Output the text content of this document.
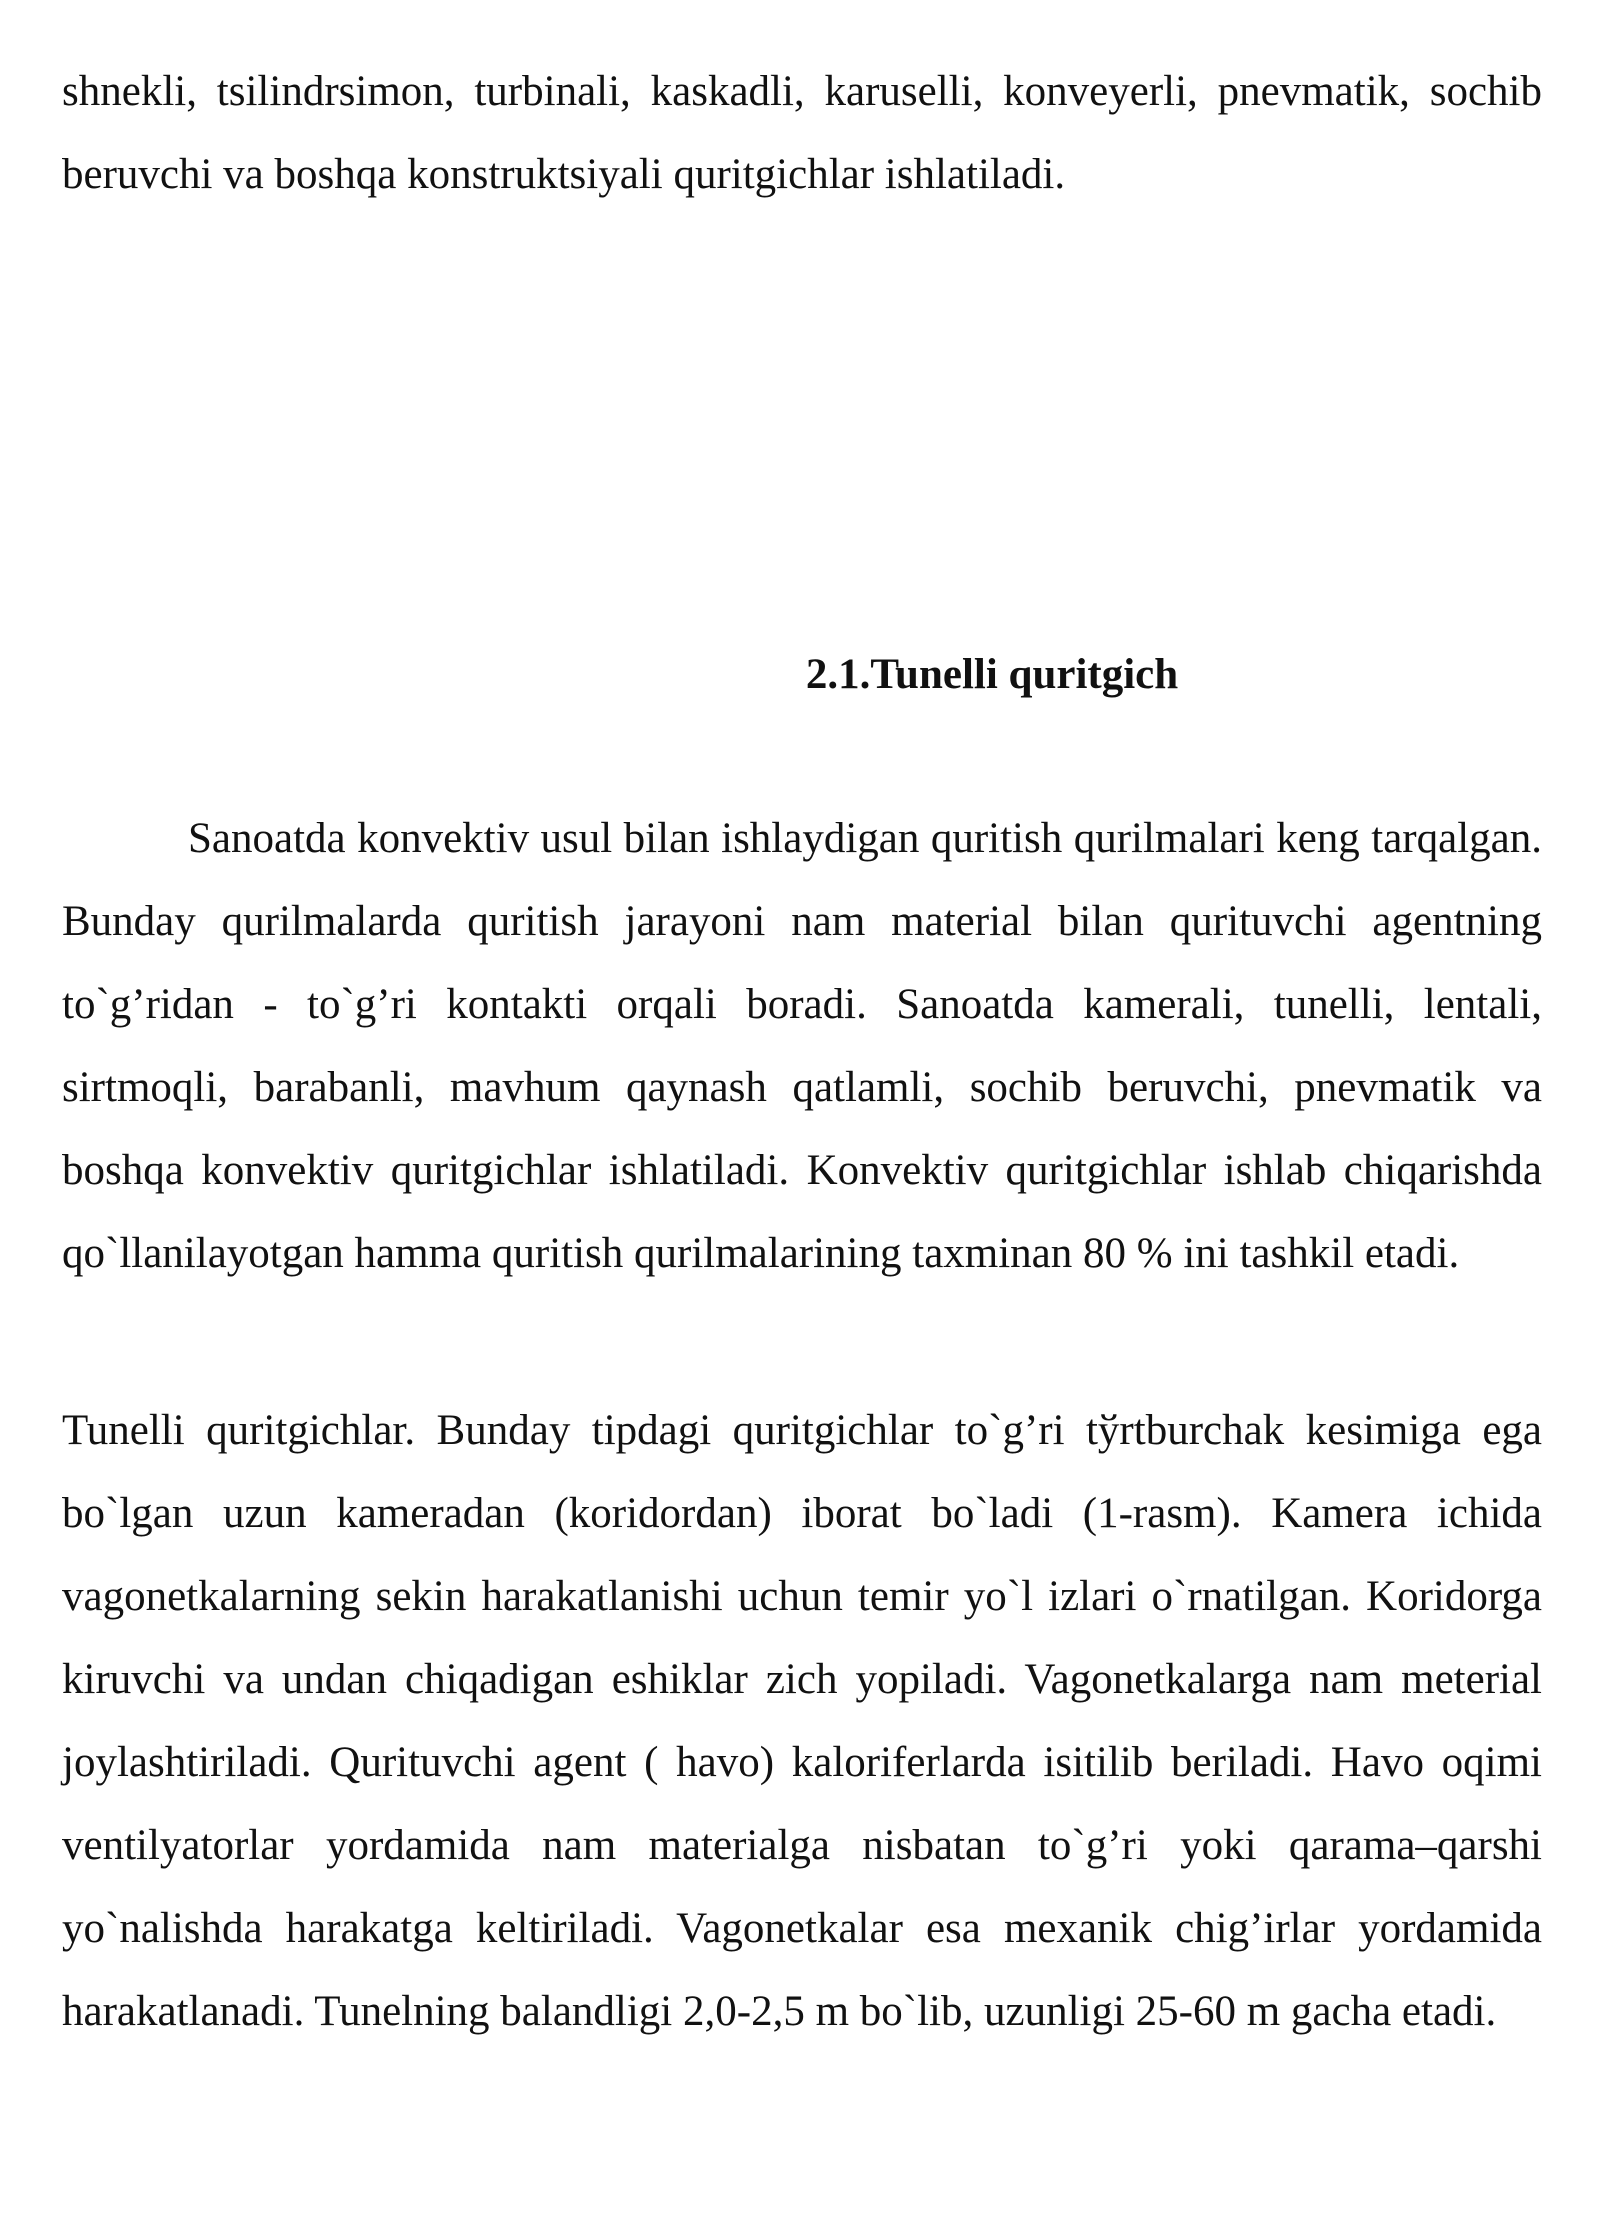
shnekli, tsilindrsimon, turbinali, kaskadli, karuselli, konveyerli, pnevmatik, sochib beruvchi va boshqa konstruktsiyali quritgichlar ishlatiladi.

2.1.Tunelli quritgich

Sanoatda konvektiv usul bilan ishlaydigan quritish qurilmalari keng tarqalgan. Bunday qurilmalarda quritish jarayoni nam material bilan qurituvchi agentning to`g’ridan - to`g’ri kontakti orqali boradi. Sanoatda kamerali, tunelli, lentali, sirtmoqli, barabanli, mavhum qaynash qatlamli, sochib beruvchi, pnevmatik va boshqa konvektiv quritgichlar ishlatiladi. Konvektiv quritgichlar ishlab chiqarishda qo`llanilayotgan hamma quritish qurilmalarining taxminan 80 % ini tashkil etadi.

Tunelli quritgichlar. Bunday tipdagi quritgichlar to`g’ri tўrtburchak kesimiga ega bo`lgan uzun kameradan (koridordan) iborat bo`ladi (1-rasm). Kamera ichida vagonetkalarning sekin harakatlanishi uchun temir yo`l izlari o`rnatilgan. Koridorga kiruvchi va undan chiqadigan eshiklar zich yopiladi. Vagonetkalarga nam meterial joylashtiriladi. Qurituvchi agent ( havo) kaloriferlarda isitilib beriladi. Havo oqimi ventilyatorlar yordamida nam materialga nisbatan to`g’ri yoki qarama–qarshi yo`nalishda harakatga keltiriladi. Vagonetkalar esa mexanik chig’irlar yordamida harakatlanadi. Tunelning balandligi 2,0-2,5 m bo`lib, uzunligi 25-60 m gacha etadi.
